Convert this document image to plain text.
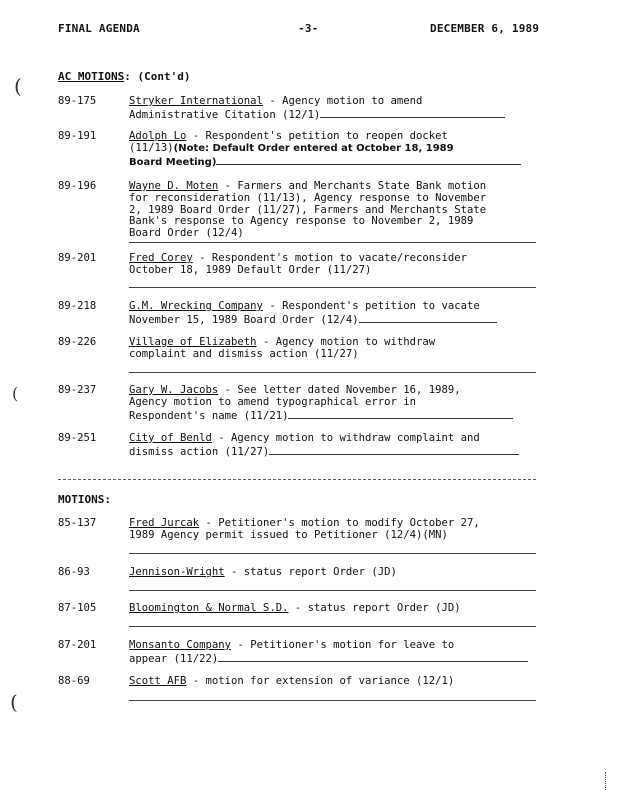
FINAL AGENDA	-3-	DECEMBER 6, 1989
(
(
(
AC MOTIONS: (Cont'd)
89-175	Stryker International - Agency motion to amend
Administrative Citation (12/1)
89-191	Adolph Lo - Respondent's petition to reopen docket
(11/13)(Note: Default Order entered at October 18, 1989
Board Meeting)
89-196	Wayne D. Moten - Farmers and Merchants State Bank motion
for reconsideration (11/13), Agency response to November
2, 1989 Board Order (11/27), Farmers and Merchants State
Bank's response to Agency response to November 2, 1989
Board Order (12/4)
89-201	Fred Corey - Respondent's motion to vacate/reconsider
October 18, 1989 Default Order (11/27)
89-218	G.M. Wrecking Company - Respondent's petition to vacate
November 15, 1989 Board Order (12/4)
89-226	Village of Elizabeth - Agency motion to withdraw
complaint and dismiss action (11/27)
89-237	Gary W. Jacobs - See letter dated November 16, 1989,
Agency motion to amend typographical error in
Respondent's name (11/21)
89-251	City of Benld - Agency motion to withdraw complaint and
dismiss action (11/27)
MOTIONS:
85-137	Fred Jurcak - Petitioner's motion to modify October 27,
1989 Agency permit issued to Petitioner (12/4)(MN)
86-93	Jennison-Wright - status report Order (JD)
87-105	Bloomington & Normal S.D. - status report Order (JD)
87-201	Monsanto Company - Petitioner's motion for leave to
appear (11/22)
88-69	Scott AFB - motion for extension of variance (12/1)
